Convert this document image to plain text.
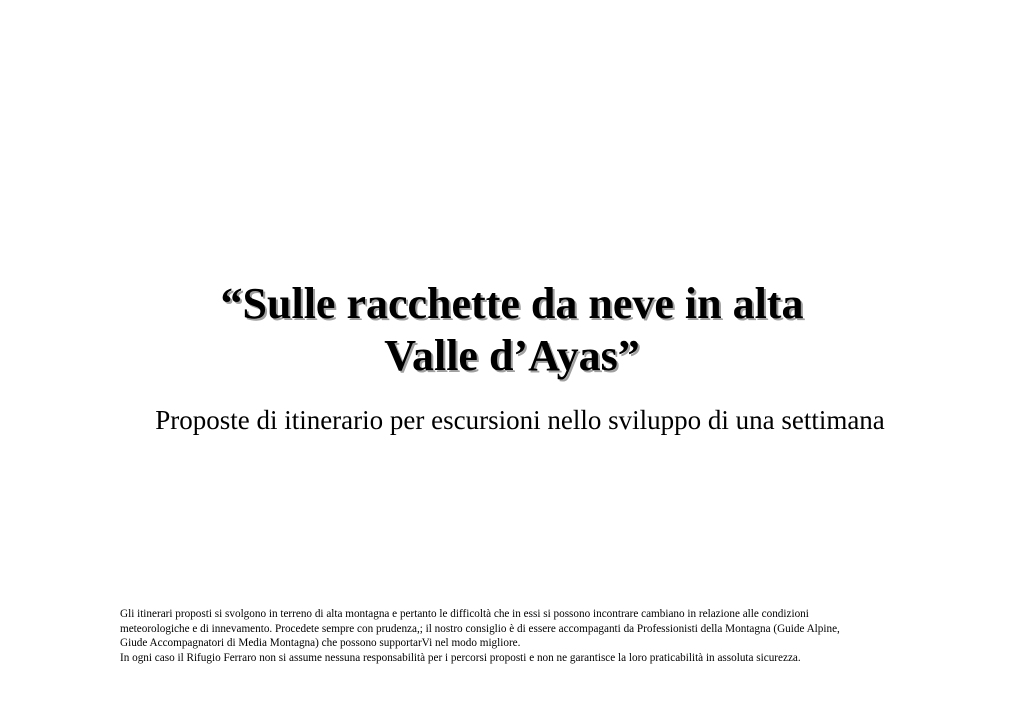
“Sulle racchette da neve in alta
Valle d’Ayas”
Proposte di itinerario per escursioni nello sviluppo di una settimana
Gli itinerari proposti si svolgono in terreno di alta montagna e pertanto le difficoltà che in essi si possono incontrare cambiano in relazione alle condizioni
meteorologiche e di innevamento. Procedete sempre con prudenza,; il nostro consiglio è di essere accompaganti da Professionisti della Montagna (Guide Alpine,
Giude Accompagnatori di Media Montagna) che possono supportarVi nel modo migliore.
In ogni caso il Rifugio Ferraro non si assume nessuna responsabilità per i percorsi proposti e non ne garantisce la loro praticabilità in assoluta sicurezza.
